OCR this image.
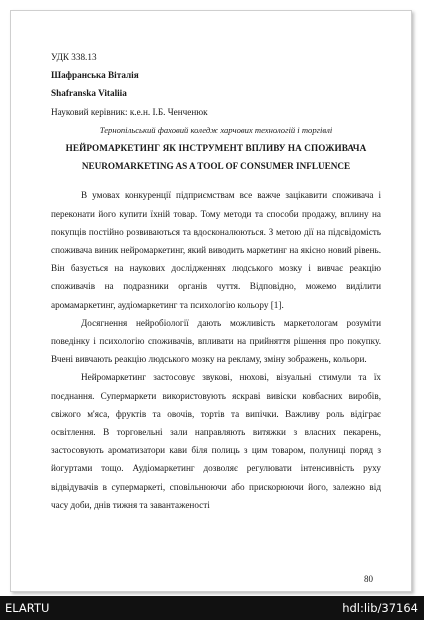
УДК 338.13

Шафранська Віталія

Shafranska Vitaliia

Науковий керівник: к.е.н. І.Б. Ченченюк

Тернопільський фаховий коледж харчових технологій і торгівлі

НЕЙРОМАРКЕТИНГ ЯК ІНСТРУМЕНТ ВПЛИВУ НА СПОЖИВАЧА

NEUROMARKETING AS A TOOL OF CONSUMER INFLUENCE

В умовах конкуренції підприємствам все важче зацікавити споживача і переконати його купити їхній товар. Тому методи та способи продажу, вплину на покупців постійно розвиваються та вдосконалюються. З метою дії на підсвідомість споживача виник нейромаркетинг, який виводить маркетинг на якісно новий рівень. Він базується на наукових дослідженнях людського мозку і вивчає реакцію споживачів на подразники органів чуття. Відповідно, можемо виділити аромамаркетинг, аудіомаркетинг та психологію кольору [1].

Досягнення нейробіології дають можливість маркетологам розуміти поведінку і психологію споживачів, впливати на прийняття рішення про покупку. Вчені вивчають реакцію людського мозку на рекламу, зміну зображень, кольори.

Нейромаркетинг застосовує звукові, нюхові, візуальні стимули та їх поєднання. Супермаркети використовують яскраві вивіски ковбасних виробів, свіжого м'яса, фруктів та овочів, тортів та випічки. Важливу роль відіграє освітлення. В торговельні зали направляють витяжки з власних пекарень, застосовують ароматизатори кави біля полиць з цим товаром, полуниці поряд з йогуртами тощо. Аудіомаркетинг дозволяє регулювати інтенсивність руху відвідувачів в супермаркеті, сповільнюючи або прискорюючи його, залежно від часу доби, днів тижня та завантаженості

80
ELARTU	hdl:lib/37164
